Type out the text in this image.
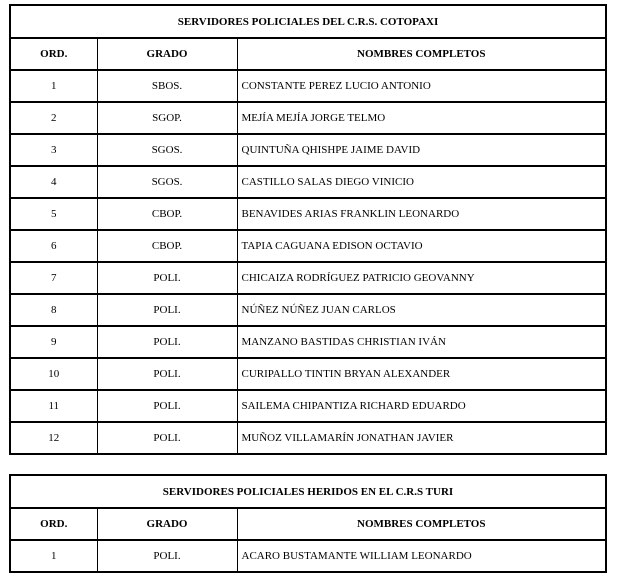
SERVIDORES POLICIALES DEL C.R.S. COTOPAXI		
ORD.	GRADO	NOMBRES COMPLETOS
1	SBOS.	CONSTANTE PEREZ LUCIO ANTONIO
2	SGOP.	MEJÍA MEJÍA JORGE TELMO
3	SGOS.	QUINTUÑA QHISHPE JAIME DAVID
4	SGOS.	CASTILLO SALAS DIEGO VINICIO
5	CBOP.	BENAVIDES ARIAS FRANKLIN LEONARDO
6	CBOP.	TAPIA CAGUANA EDISON OCTAVIO
7	POLI.	CHICAIZA RODRÍGUEZ PATRICIO GEOVANNY
8	POLI.	NÚÑEZ NÚÑEZ JUAN CARLOS
9	POLI.	MANZANO BASTIDAS CHRISTIAN IVÁN
10	POLI.	CURIPALLO TINTIN BRYAN ALEXANDER
11	POLI.	SAILEMA CHIPANTIZA RICHARD EDUARDO
12	POLI.	MUÑOZ VILLAMARÍN JONATHAN JAVIER
SERVIDORES POLICIALES HERIDOS EN EL C.R.S TURI		
ORD.	GRADO	NOMBRES COMPLETOS
1	POLI.	ACARO BUSTAMANTE WILLIAM LEONARDO
